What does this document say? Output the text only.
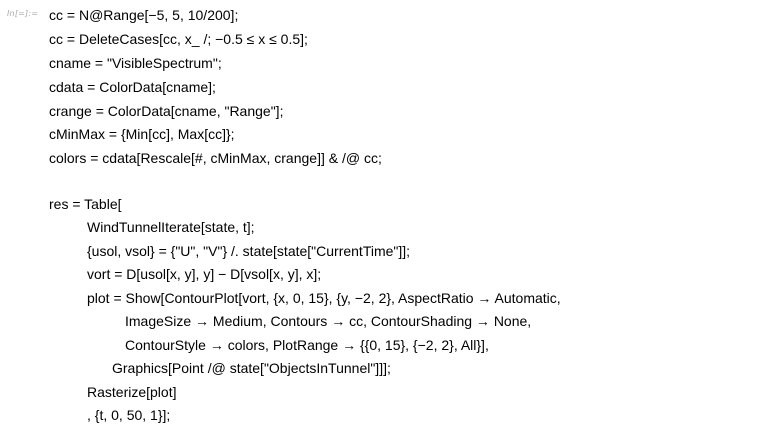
In[=]:= cc = N@Range[−5, 5, 10/200];
cc = DeleteCases[cc, x_ /; −0.5 ≤ x ≤ 0.5];
cname = "VisibleSpectrum";
cdata = ColorData[cname];
crange = ColorData[cname, "Range"];
cMinMax = {Min[cc], Max[cc]};
colors = cdata[Rescale[#, cMinMax, crange]] & /@ cc;
res = Table[
WindTunnelIterate[state, t];
{usol, vsol} = {"U", "V"} /. state[state["CurrentTime"]];
vort = D[usol[x, y], y] − D[vsol[x, y], x];
plot = Show[ContourPlot[vort, {x, 0, 15}, {y, −2, 2}, AspectRatio → Automatic,
ImageSize → Medium, Contours → cc, ContourShading → None,
ContourStyle → colors, PlotRange → {{0, 15}, {−2, 2}, All}],
Graphics[Point /@ state["ObjectsInTunnel"]]];
Rasterize[plot]
, {t, 0, 50, 1}];
